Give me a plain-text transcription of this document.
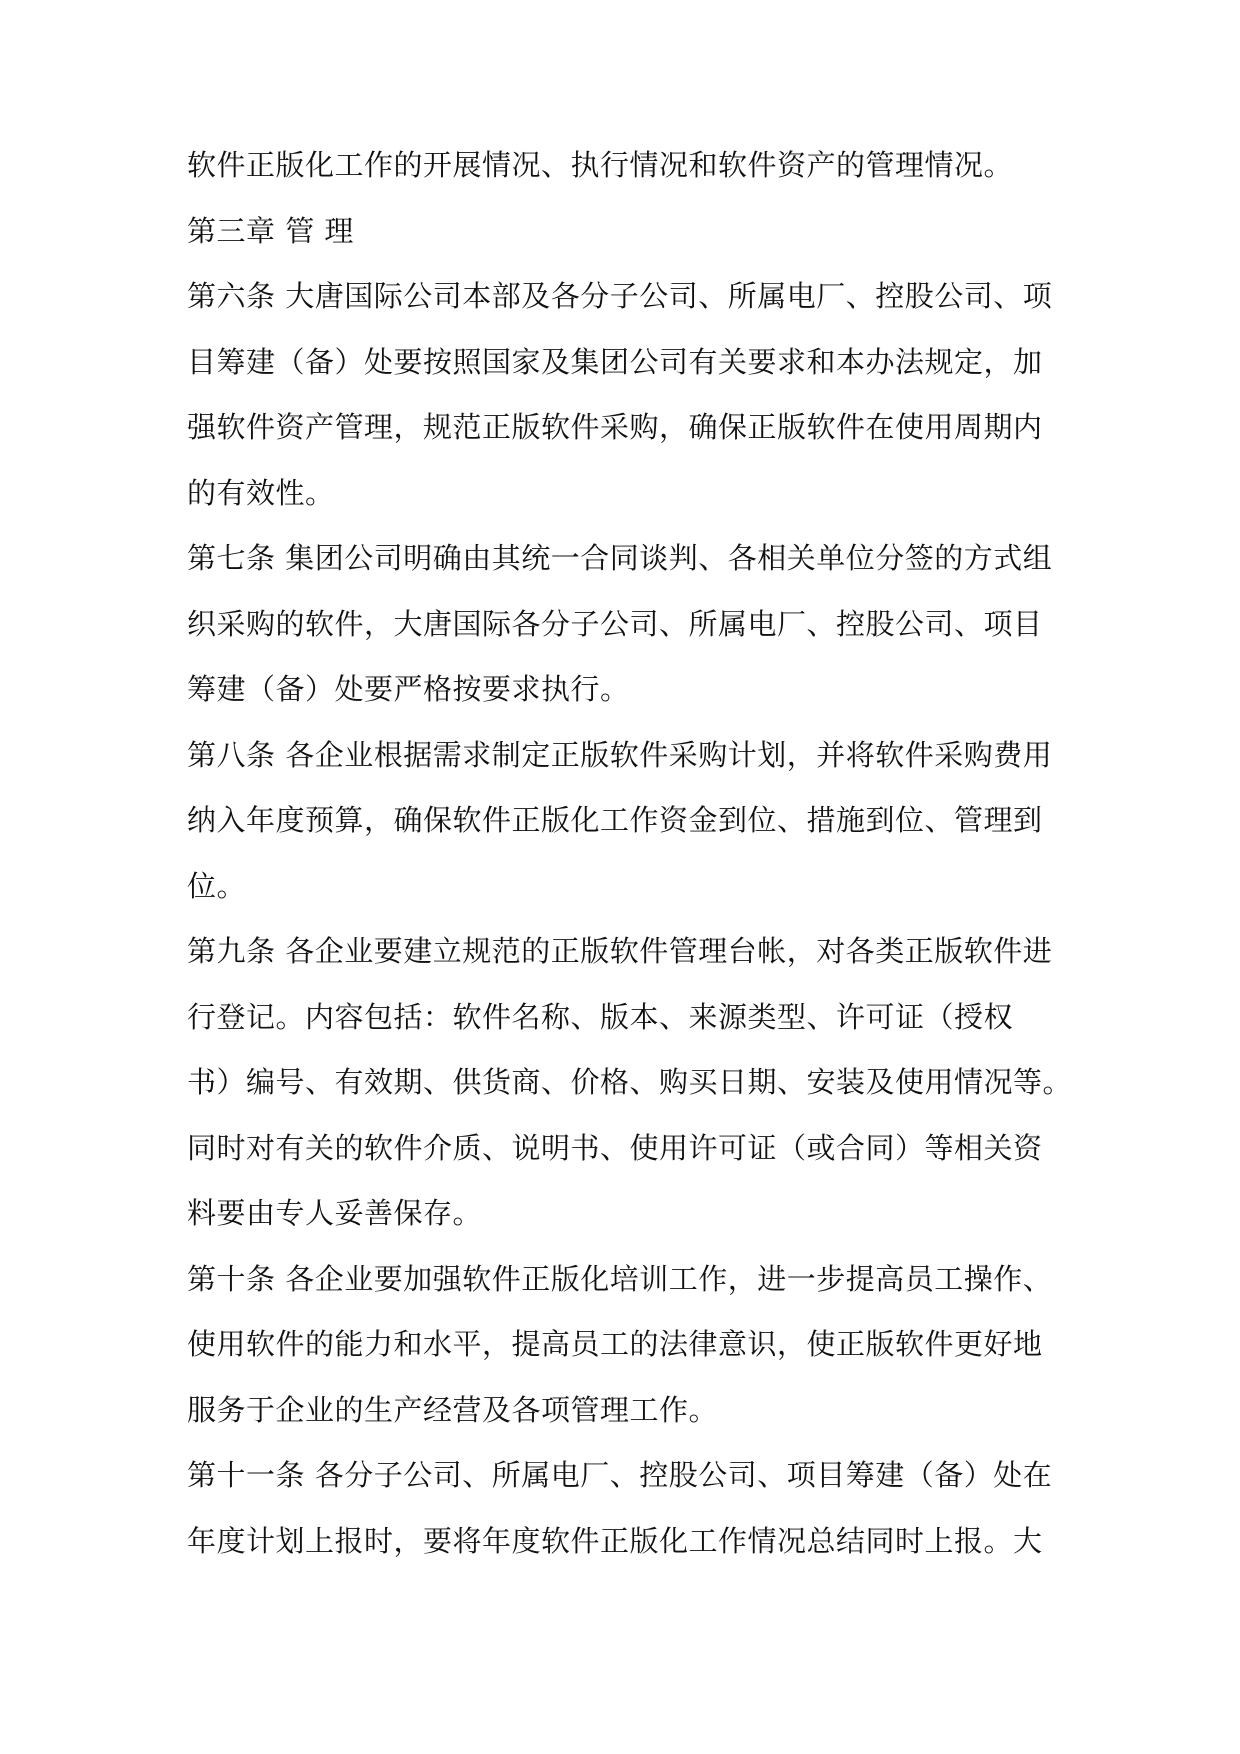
软件正版化工作的开展情况、执行情况和软件资产的管理情况。
第三章 管 理
第六条 大唐国际公司本部及各分子公司、所属电厂、控股公司、项
目筹建（备）处要按照国家及集团公司有关要求和本办法规定，加
强软件资产管理，规范正版软件采购，确保正版软件在使用周期内
的有效性。
第七条 集团公司明确由其统一合同谈判、各相关单位分签的方式组
织采购的软件，大唐国际各分子公司、所属电厂、控股公司、项目
筹建（备）处要严格按要求执行。
第八条 各企业根据需求制定正版软件采购计划，并将软件采购费用
纳入年度预算，确保软件正版化工作资金到位、措施到位、管理到
位。
第九条 各企业要建立规范的正版软件管理台帐，对各类正版软件进
行登记。内容包括：软件名称、版本、来源类型、许可证（授权
书）编号、有效期、供货商、价格、购买日期、安装及使用情况等。
同时对有关的软件介质、说明书、使用许可证（或合同）等相关资
料要由专人妥善保存。
第十条 各企业要加强软件正版化培训工作，进一步提高员工操作、
使用软件的能力和水平，提高员工的法律意识，使正版软件更好地
服务于企业的生产经营及各项管理工作。
第十一条 各分子公司、所属电厂、控股公司、项目筹建（备）处在
年度计划上报时，要将年度软件正版化工作情况总结同时上报。大
